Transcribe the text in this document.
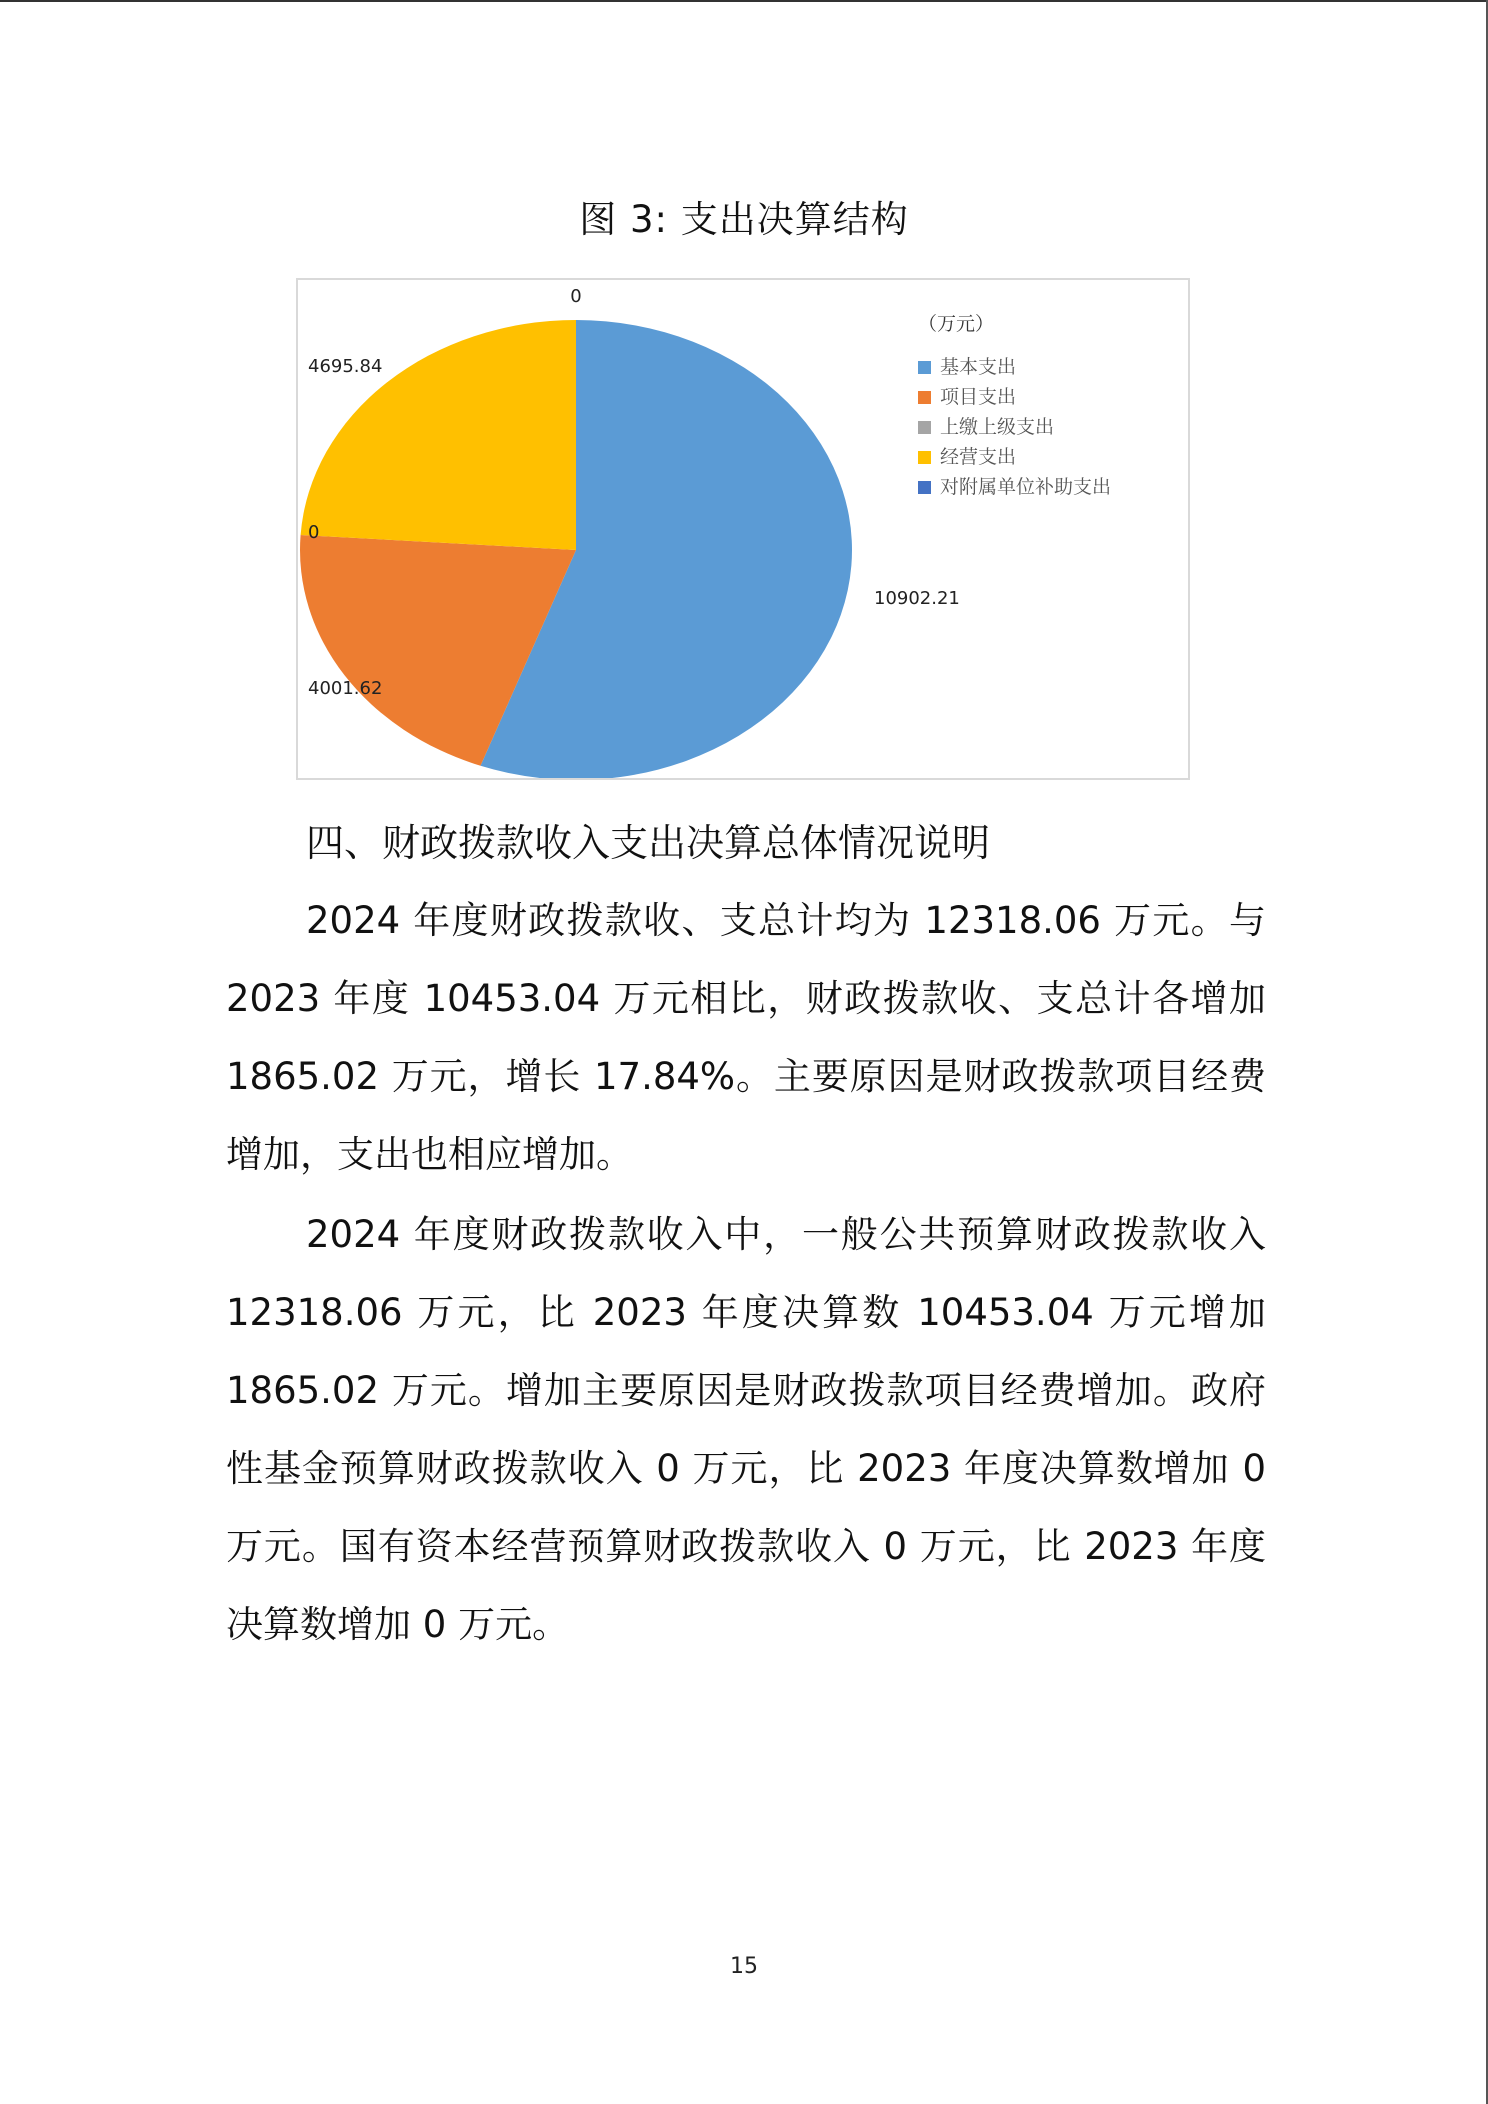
图 3: 支出决算结构
10902.21
4001.62
0
4695.84
0
（万元）
基本支出
项目支出
上缴上级支出
经营支出
对附属单位补助支出
四、财政拨款收入支出决算总体情况说明
2024 年度财政拨款收、支总计均为 12318.06 万元。与 2023 年度 10453.04 万元相比，财政拨款收、支总计各增加 1865.02 万元，增长 17.84%。主要原因是财政拨款项目经费增加，支出也相应增加。
2024 年度财政拨款收入中，一般公共预算财政拨款收入 12318.06 万元，比 2023 年度决算数 10453.04 万元增加 1865.02 万元。增加主要原因是财政拨款项目经费增加。政府性基金预算财政拨款收入 0 万元，比 2023 年度决算数增加 0 万元。国有资本经营预算财政拨款收入 0 万元，比 2023 年度决算数增加 0 万元。
15
